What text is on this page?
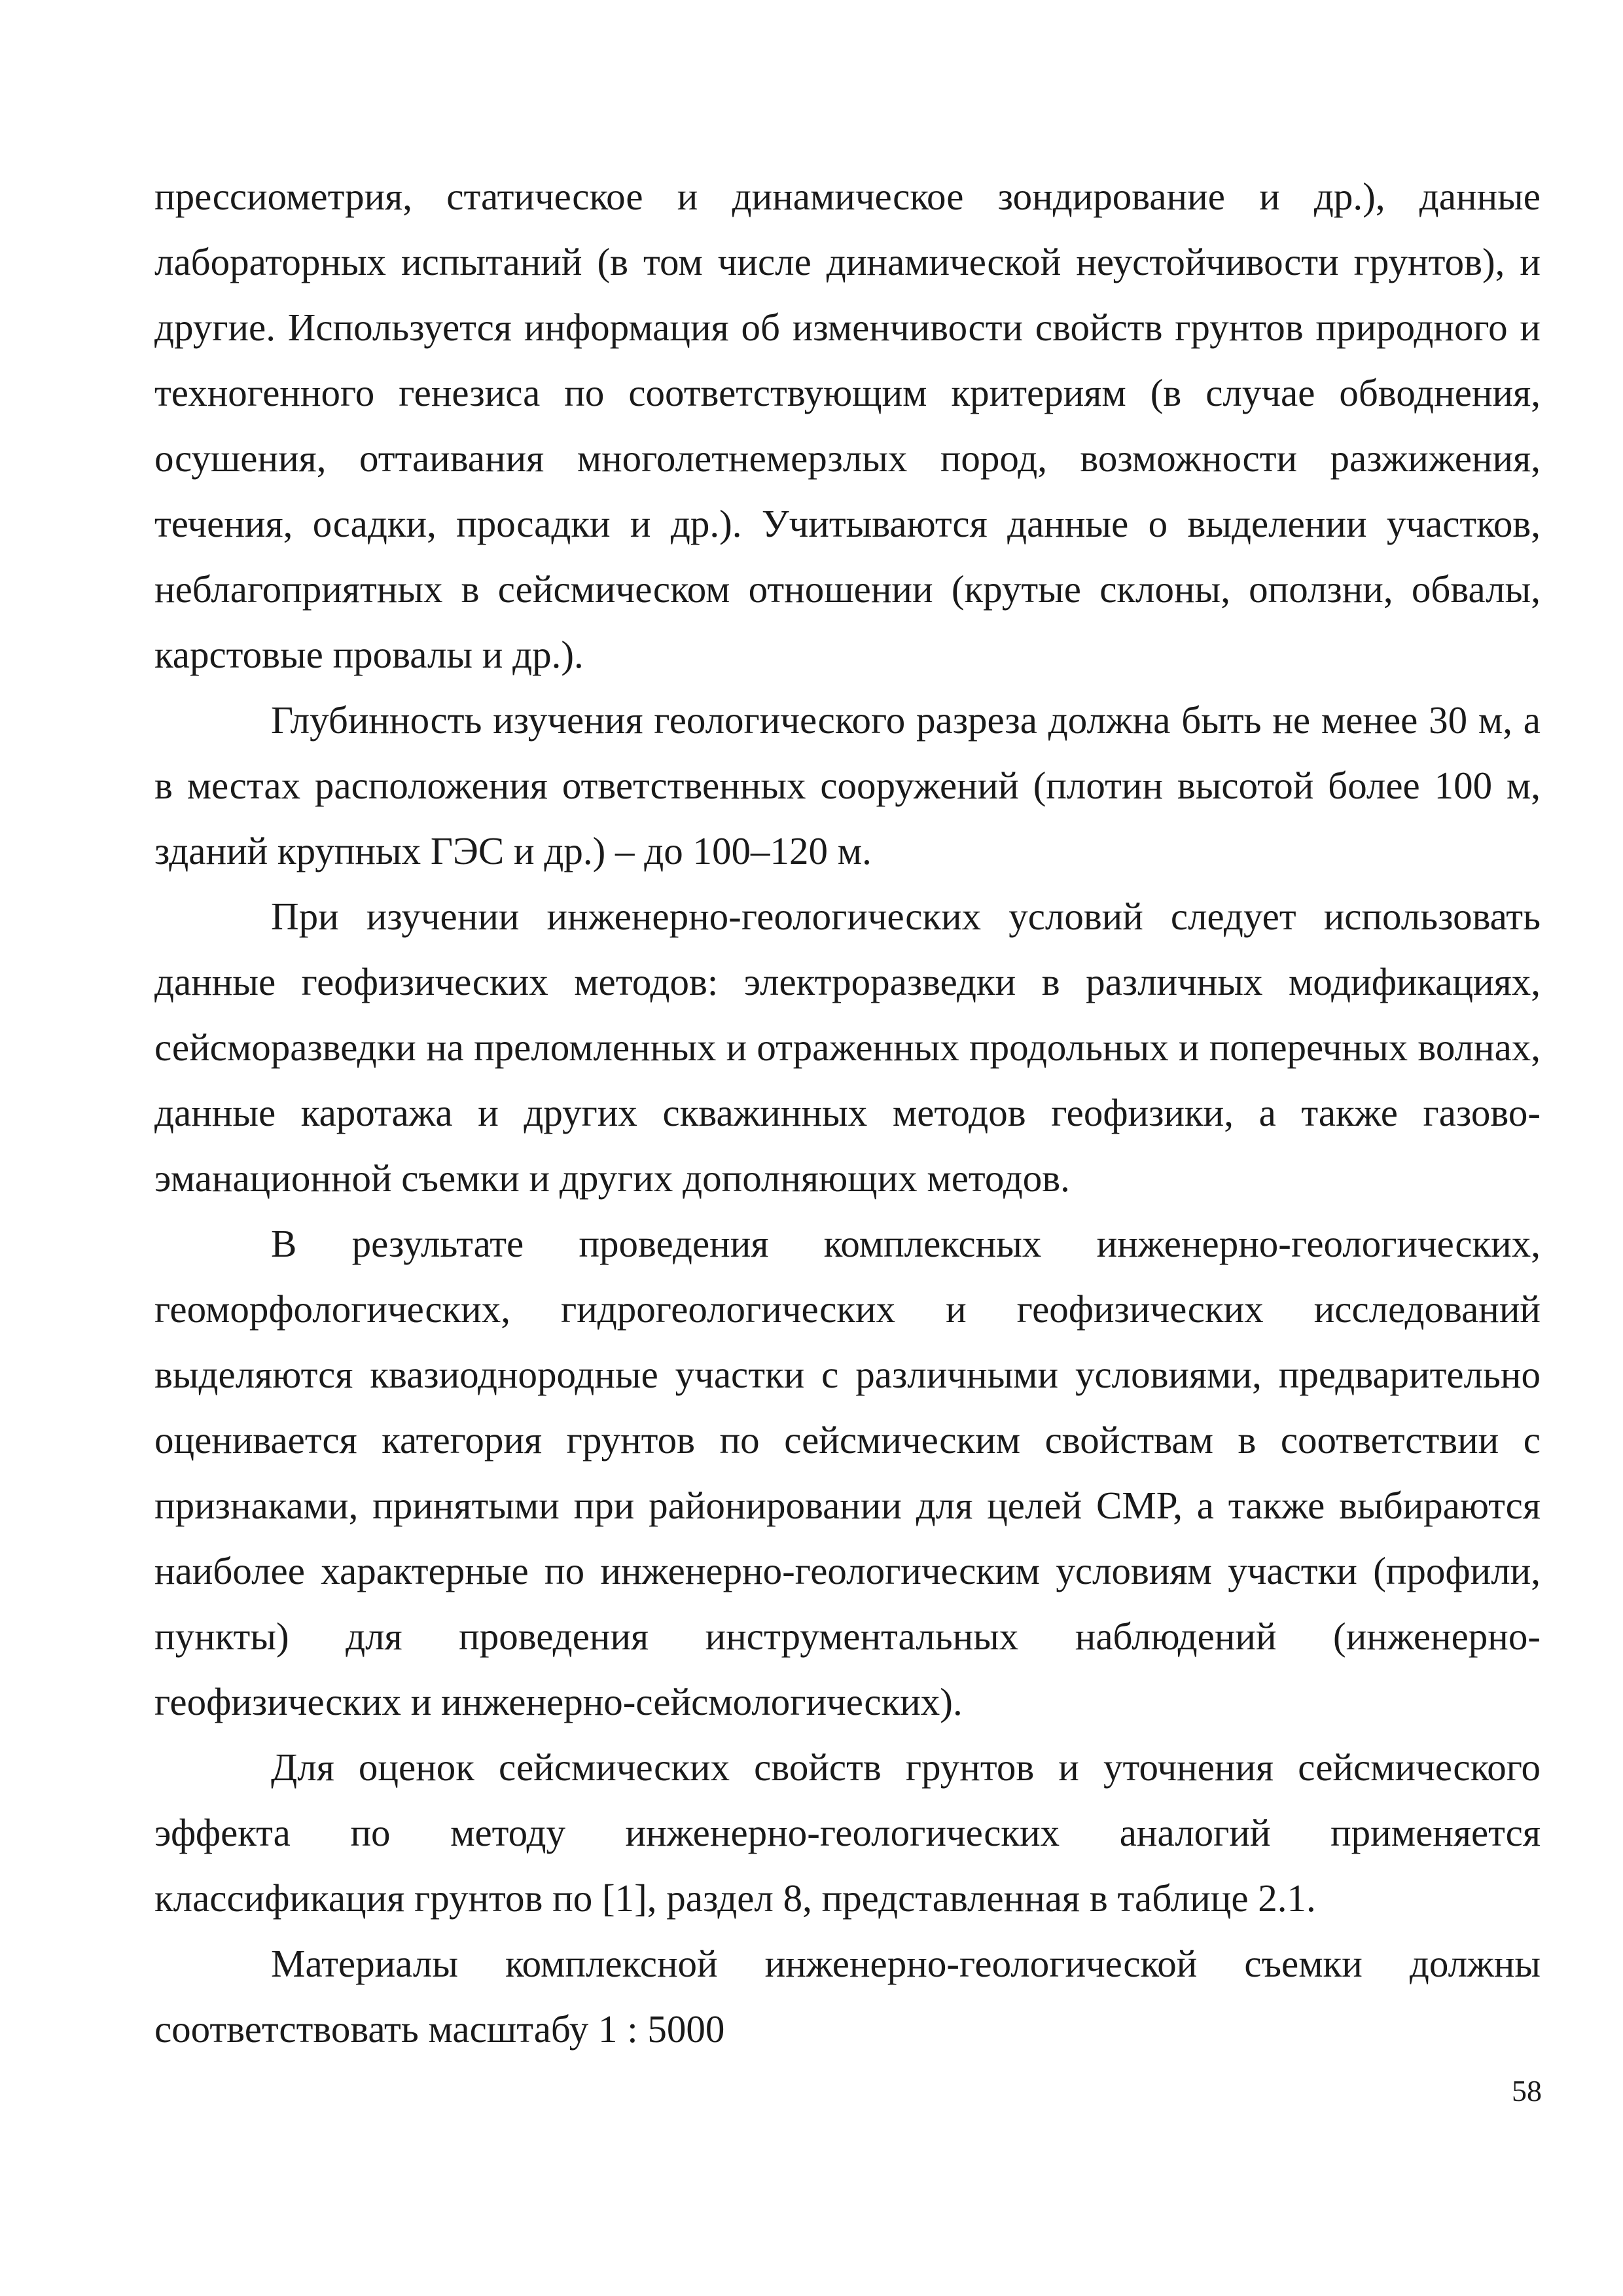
прессиометрия, статическое и динамическое зондирование и др.), данные лабораторных испытаний (в том числе динамической неустойчивости грунтов), и другие. Используется информация об изменчивости свойств грунтов природного и техногенного генезиса по соответствующим критериям (в случае обводнения, осушения, оттаивания многолетнемерзлых пород, возможности разжижения, течения, осадки, просадки и др.). Учитываются данные о выделении участков, неблагоприятных в сейсмическом отношении (крутые склоны, оползни, обвалы, карстовые провалы и др.).

Глубинность изучения геологического разреза должна быть не менее 30 м, а в местах расположения ответственных сооружений (плотин высотой более 100 м, зданий крупных ГЭС и др.) – до 100–120 м.

При изучении инженерно-геологических условий следует использовать данные геофизических методов: электроразведки в различных модификациях, сейсморазведки на преломленных и отраженных продольных и поперечных волнах, данные каротажа и других скважинных методов геофизики, а также газово-эманационной съемки и других дополняющих методов.

В результате проведения комплексных инженерно-геологических, геоморфологических, гидрогеологических и геофизических исследований выделяются квазиоднородные участки с различными условиями, предварительно оценивается категория грунтов по сейсмическим свойствам в соответствии с признаками, принятыми при районировании для целей СМР, а также выбираются наиболее характерные по инженерно-геологическим условиям участки (профили, пункты) для проведения инструментальных наблюдений (инженерно-геофизических и инженерно-сейсмологических).

Для оценок сейсмических свойств грунтов и уточнения сейсмического эффекта по методу инженерно-геологических аналогий применяется классификация грунтов по [1], раздел 8, представленная в таблице 2.1.

Материалы комплексной инженерно-геологической съемки должны соответствовать масштабу 1 : 5000

58
